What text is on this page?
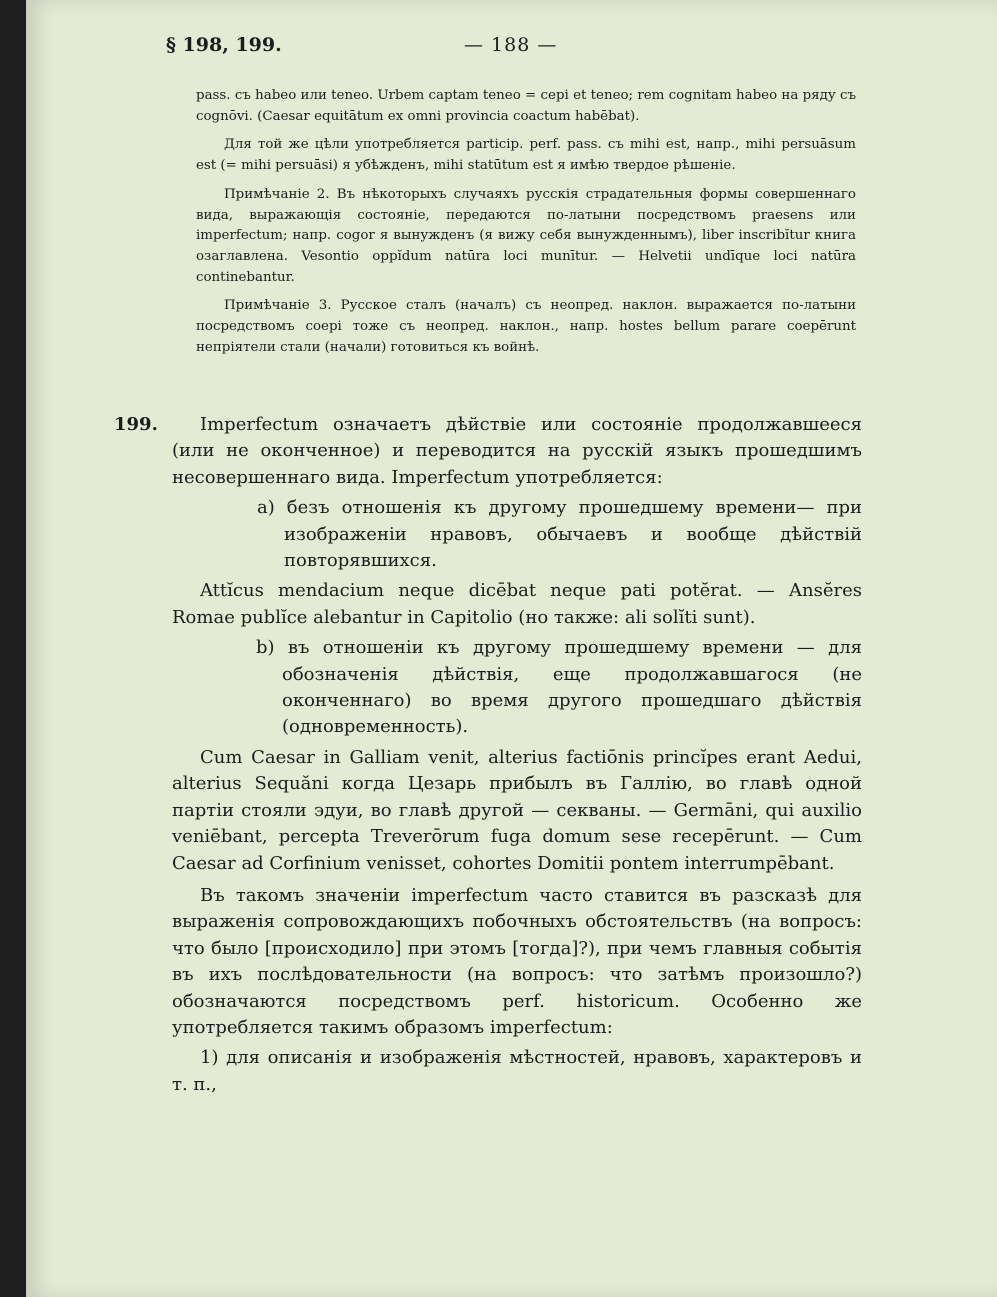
§ 198, 199.	— 188 —

pass. съ habeo или teneo. Urbem captam teneo = cepi et teneo; rem cognitam habeo на ряду съ cognōvi. (Caesar equitātum ex omni provincia coactum habēbat).

Для той же цѣли употребляется particip. perf. pass. съ mihi est, напр., mihi persuāsum est (= mihi persuāsi) я убѣжденъ, mihi statūtum est я имѣю твердое рѣшеніе.

Примѣчаніе 2. Въ нѣкоторыхъ случаяхъ русскія страдательныя формы совершеннаго вида, выражающія состояніе, передаются по-латыни посредствомъ praesens или imperfectum; напр. cogor я вынужденъ (я вижу себя вынужденнымъ), liber inscribĭtur книга озаглавлена. Vesontio oppĭdum natūra loci munītur. — Helvetii undīque loci natūra continebantur.

Примѣчаніе 3. Русское сталъ (началъ) съ неопред. наклон. выражается по-латыни посредствомъ coepi тоже съ неопред. наклон., напр. hostes bellum parare coepērunt непріятели стали (начали) готовиться къ войнѣ.

199.	Imperfectum означаетъ дѣйствіе или состояніе продолжавшееся (или не оконченное) и переводится на русскій языкъ прошедшимъ несовершеннаго вида. Imperfectum употребляется:

a) безъ отношенія къ другому прошедшему времени— при изображеніи нравовъ, обычаевъ и вообще дѣйствій повторявшихся.

Attĭcus mendacium neque dicēbat neque pati potĕrat. — Ansĕres Romae publĭce alebantur in Capitolio (но также: ali solĭti sunt).

b) въ отношеніи къ другому прошедшему времени — для обозначенія дѣйствія, еще продолжавшагося (не оконченнаго) во время другого прошедшаго дѣйствія (одновременность).

Cum Caesar in Galliam venit, alterius factiōnis princĭpes erant Aedui, alterius Sequăni когда Цезарь прибылъ въ Галлію, во главѣ одной партіи стояли эдуи, во главѣ другой — секваны. — Germāni, qui auxilio veniēbant, percepta Treverōrum fuga domum sese recepērunt. — Cum Caesar ad Corfinium venisset, cohortes Domitii pontem interrumpēbant.

Въ такомъ значеніи imperfectum часто ставится въ разсказѣ для выраженія сопровождающихъ побочныхъ обстоятельствъ (на вопросъ: что было [происходило] при этомъ [тогда]?), при чемъ главныя событія въ ихъ послѣдовательности (на вопросъ: что затѣмъ произошло?) обозначаются посредствомъ perf. historicum. Особенно же употребляется такимъ образомъ imperfectum:

1) для описанія и изображенія мѣстностей, нравовъ, характеровъ и т. п.,
